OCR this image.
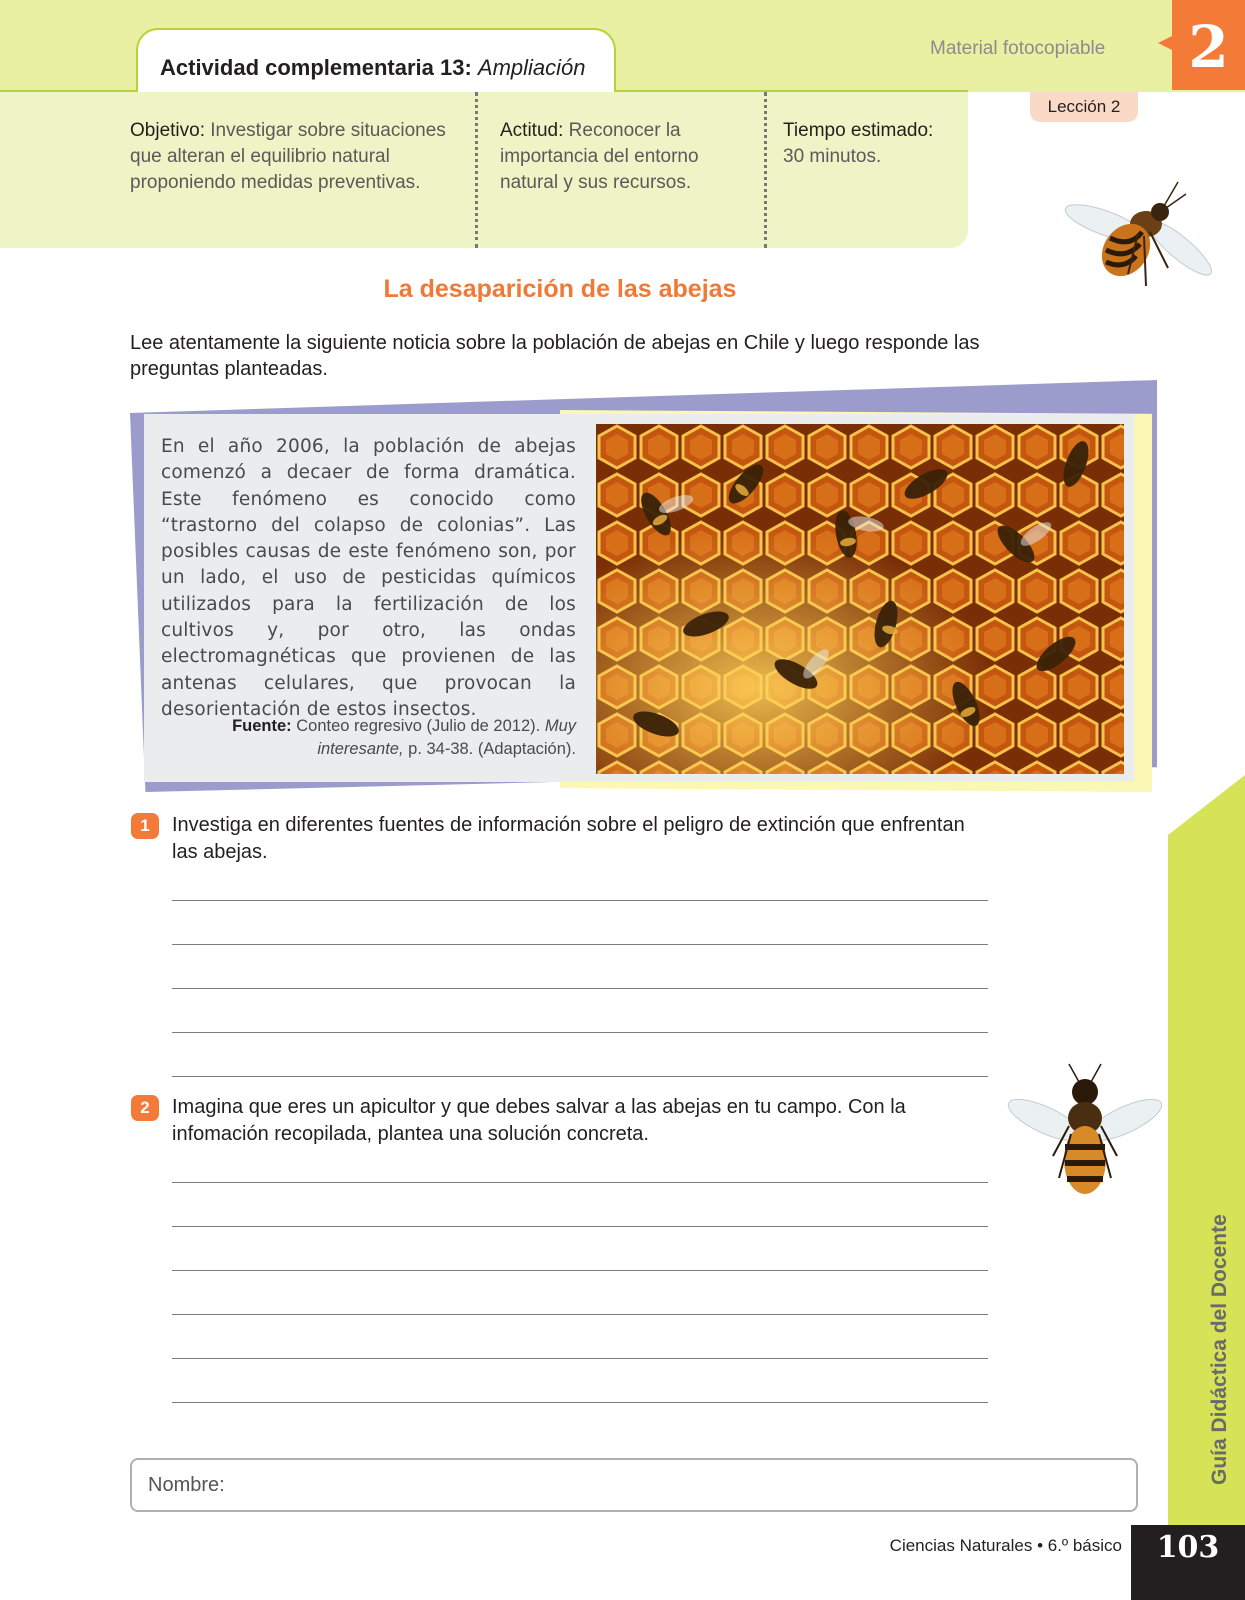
Actividad complementaria 13: Ampliación
Material fotocopiable 2
Lección 2
Objetivo: Investigar sobre situaciones que alteran el equilibrio natural proponiendo medidas preventivas.
Actitud: Reconocer la importancia del entorno natural y sus recursos.
Tiempo estimado:
30 minutos.
La desaparición de las abejas
Lee atentamente la siguiente noticia sobre la población de abejas en Chile y luego responde las preguntas planteadas.
En el año 2006, la población de abejas comenzó a decaer de forma dramática. Este fenómeno es conocido como “trastorno del colapso de colonias”. Las posibles causas de este fenómeno son, por un lado, el uso de pesticidas químicos utilizados para la fertilización de los cultivos y, por otro, las ondas electromagnéticas que provienen de las antenas celulares, que provocan la desorientación de estos insectos.
Fuente: Conteo regresivo (Julio de 2012). Muy interesante, p. 34-38. (Adaptación).
1	Investiga en diferentes fuentes de información sobre el peligro de extinción que enfrentan las abejas.
2	Imagina que eres un apicultor y que debes salvar a las abejas en tu campo. Con la infomación recopilada, plantea una solución concreta.
Guía Didáctica del Docente
Nombre:
Ciencias Naturales • 6.º básico	103
